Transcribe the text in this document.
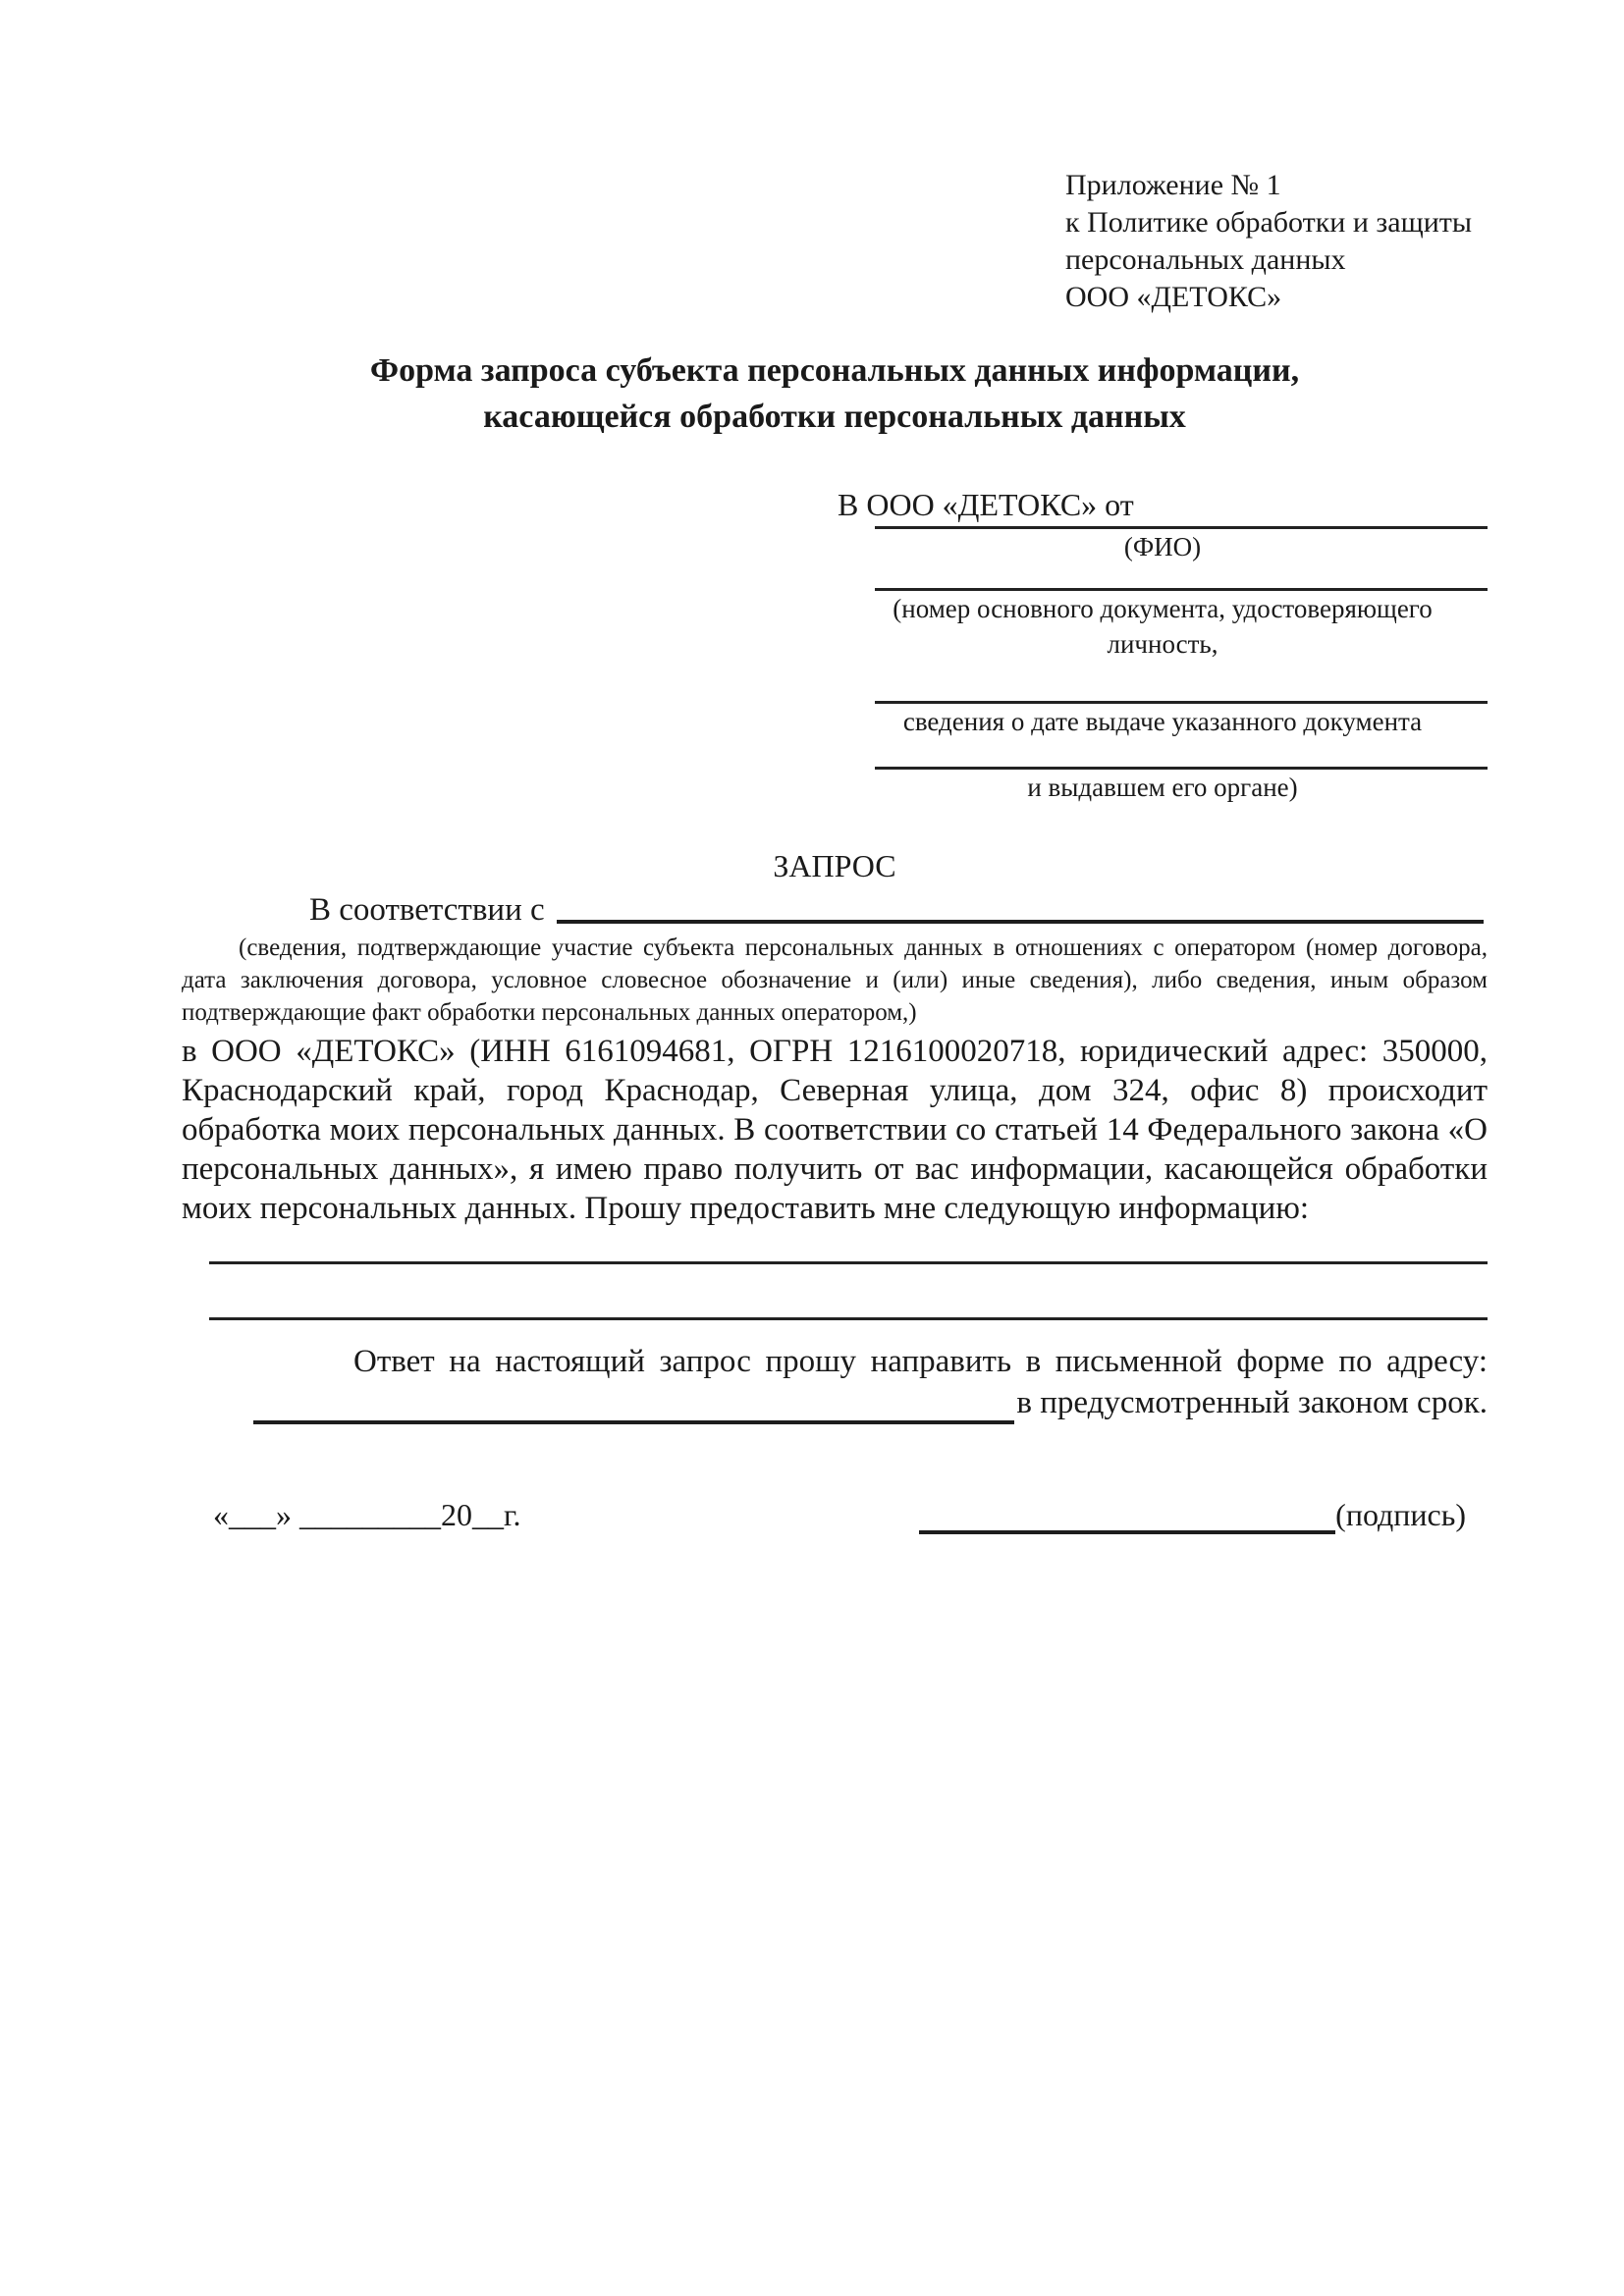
Приложение № 1
к Политике обработки и защиты
персональных данных
ООО «ДЕТОКС»
Форма запроса субъекта персональных данных информации,
касающейся обработки персональных данных
В ООО «ДЕТОКС» от
(ФИО)
(номер основного документа, удостоверяющего личность,
сведения о дате выдаче указанного документа
и выдавшем его органе)
ЗАПРОС
В соответствии с
(сведения, подтверждающие участие субъекта персональных данных в отношениях с оператором (номер договора, дата заключения договора, условное словесное обозначение и (или) иные сведения), либо сведения, иным образом подтверждающие факт обработки персональных данных оператором,)
в ООО «ДЕТОКС» (ИНН 6161094681, ОГРН 1216100020718, юридический адрес: 350000, Краснодарский край, город Краснодар, Северная улица, дом 324, офис 8) происходит обработка моих персональных данных. В соответствии со статьей 14 Федерального закона «О персональных данных», я имею право получить от вас информации, касающейся обработки моих персональных данных. Прошу предоставить мне следующую информацию:
Ответ на настоящий запрос прошу направить в письменной форме по адресу:
в предусмотренный законом срок.
«___» _________20__г.	(подпись)
